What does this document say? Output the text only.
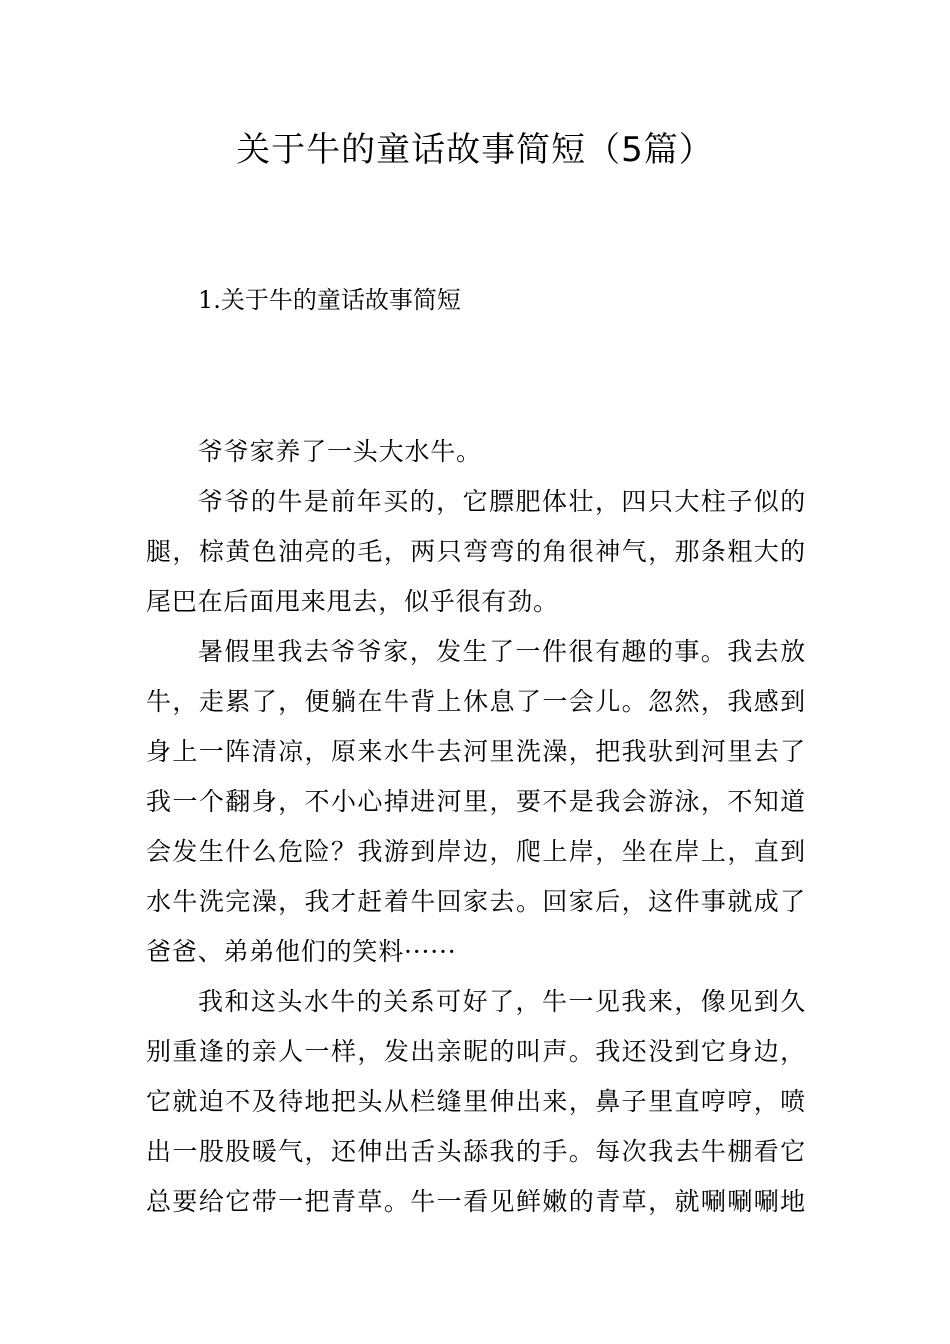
关于牛的童话故事简短（5篇）
1.关于牛的童话故事简短
爷爷家养了一头大水牛。
爷爷的牛是前年买的，它膘肥体壮，四只大柱子似的
腿，棕黄色油亮的毛，两只弯弯的角很神气，那条粗大的
尾巴在后面甩来甩去，似乎很有劲。
暑假里我去爷爷家，发生了一件很有趣的事。我去放
牛，走累了，便躺在牛背上休息了一会儿。忽然，我感到
身上一阵清凉，原来水牛去河里洗澡，把我驮到河里去了
我一个翻身，不小心掉进河里，要不是我会游泳，不知道
会发生什么危险？我游到岸边，爬上岸，坐在岸上，直到
水牛洗完澡，我才赶着牛回家去。回家后，这件事就成了
爸爸、弟弟他们的笑料······
我和这头水牛的关系可好了，牛一见我来，像见到久
别重逢的亲人一样，发出亲昵的叫声。我还没到它身边，
它就迫不及待地把头从栏缝里伸出来，鼻子里直哼哼，喷
出一股股暖气，还伸出舌头舔我的手。每次我去牛棚看它
总要给它带一把青草。牛一看见鲜嫩的青草，就唰唰唰地
